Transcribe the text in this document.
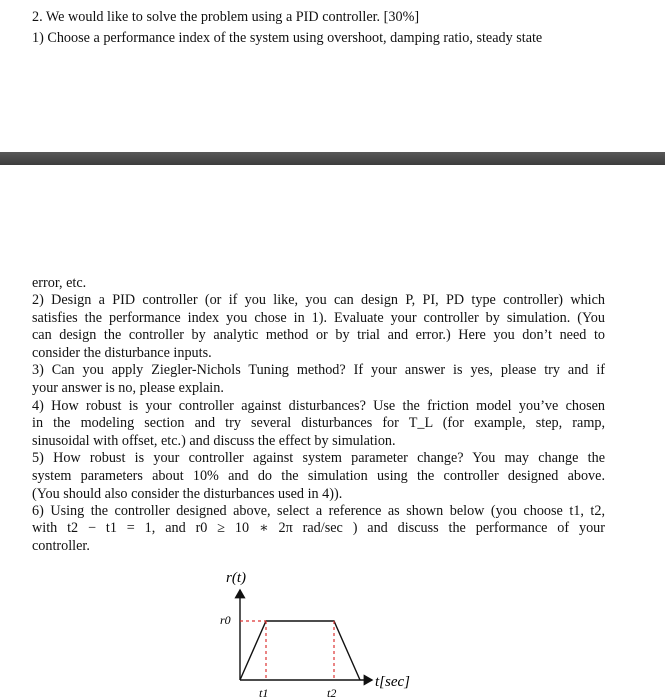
2. We would like to solve the problem using a PID controller. [30%]
1) Choose a performance index of the system using overshoot, damping ratio, steady state
error, etc.
2) Design a PID controller (or if you like, you can design P, PI, PD type controller) which
satisfies the performance index you chose in 1). Evaluate your controller by simulation. (You
can design the controller by analytic method or by trial and error.) Here you don’t need to
consider the disturbance inputs.
3) Can you apply Ziegler-Nichols Tuning method? If your answer is yes, please try and if
your answer is no, please explain.
4) How robust is your controller against disturbances? Use the friction model you’ve chosen
in the modeling section and try several disturbances for T_L (for example, step, ramp,
sinusoidal with offset, etc.) and discuss the effect by simulation.
5) How robust is your controller against system parameter change? You may change the
system parameters about 10% and do the simulation using the controller designed above.
(You should also consider the disturbances used in 4)).
6) Using the controller designed above, select a reference as shown below (you choose t1, t2,
with t2 − t1 = 1, and r0 ≥ 10 ∗ 2π rad/sec ) and discuss the performance of your
controller.
r(t)
r0
t[sec]
t1	t2
